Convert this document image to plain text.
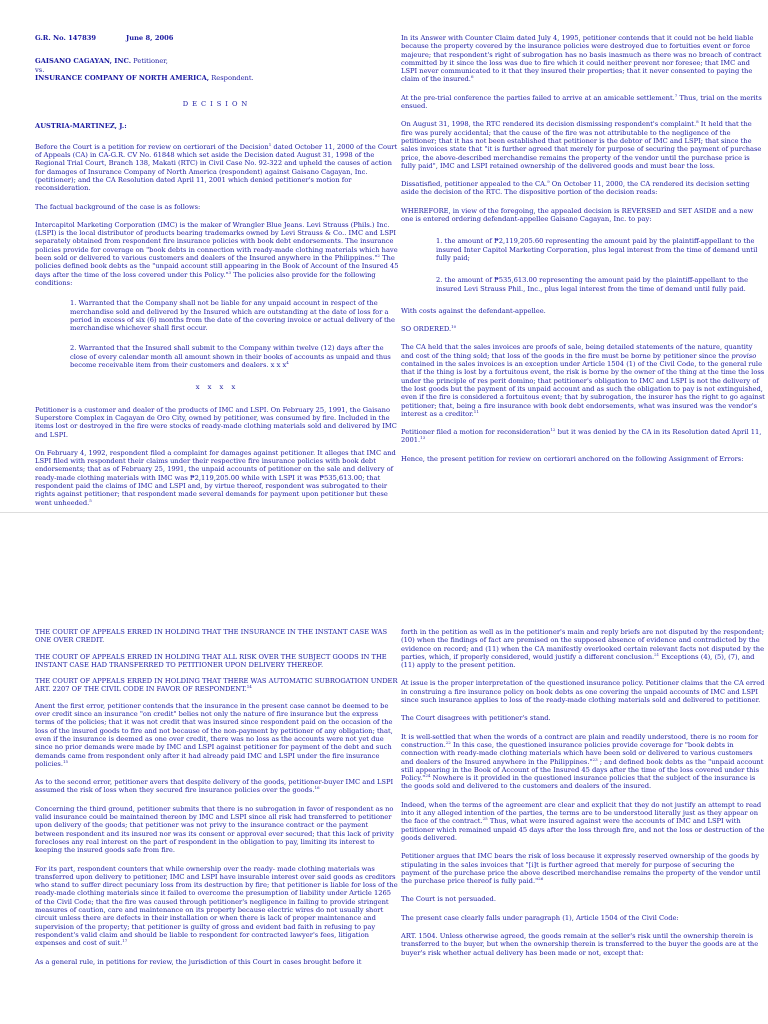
G.R. No. 147839	June 8, 2006

GAISANO CAGAYAN, INC. Petitioner,
vs.
INSURANCE COMPANY OF NORTH AMERICA, Respondent.
DECISION
AUSTRIA-MARTINEZ, J.:

Before the Court is a petition for review on certiorari of the Decision$^1$ dated October 11, 2000 of the Court of Appeals (CA) in CA-G.R. CV No. 61848 which set aside the Decision dated August 31, 1998 of the Regional Trial Court, Branch 138, Makati (RTC) in Civil Case No. 92-322 and upheld the causes of action for damages of Insurance Company of North America (respondent) against Gaisano Cagayan, Inc. (petitioner); and the CA Resolution dated April 11, 2001 which denied petitioner's motion for reconsideration.

The factual background of the case is as follows:

Intercapitol Marketing Corporation (IMC) is the maker of Wrangler Blue Jeans. Levi Strauss (Phils.) Inc. (LSPI) is the local distributor of products bearing trademarks owned by Levi Strauss & Co.. IMC and LSPI separately obtained from respondent fire insurance policies with book debt endorsements. The insurance policies provide for coverage on "book debts in connection with ready-made clothing materials which have been sold or delivered to various customers and dealers of the Insured anywhere in the Philippines."$^2$ The policies defined book debts as the "unpaid account still appearing in the Book of Account of the Insured 45 days after the time of the loss covered under this Policy."$^3$ The policies also provide for the following conditions:

1. Warranted that the Company shall not be liable for any unpaid account in respect of the merchandise sold and delivered by the Insured which are outstanding at the date of loss for a period in excess of six (6) months from the date of the covering invoice or actual delivery of the merchandise whichever shall first occur.

2. Warranted that the Insured shall submit to the Company within twelve (12) days after the close of every calendar month all amount shown in their books of accounts as unpaid and thus become receivable item from their customers and dealers. x x $x^4$

x x x x

Petitioner is a customer and dealer of the products of IMC and LSPI. On February 25, 1991, the Gaisano Superstore Complex in Cagayan de Oro City, owned by petitioner, was consumed by fire. Included in the items lost or destroyed in the fire were stocks of ready-made clothing materials sold and delivered by IMC and LSPI.

On February 4, 1992, respondent filed a complaint for damages against petitioner. It alleges that IMC and LSPI filed with respondent their claims under their respective fire insurance policies with book debt endorsements; that as of February 25, 1991, the unpaid accounts of petitioner on the sale and delivery of ready-made clothing materials with IMC was ₱2,119,205.00 while with LSPI it was ₱535,613.00; that respondent paid the claims of IMC and LSPI and, by virtue thereof, respondent was subrogated to their rights against petitioner; that respondent made several demands for payment upon petitioner but these went unheeded.$^5$

In its Answer with Counter Claim dated July 4, 1995, petitioner contends that it could not be held liable because the property covered by the insurance policies were destroyed due to fortuities event or force majeure; that respondent's right of subrogation has no basis inasmuch as there was no breach of contract committed by it since the loss was due to fire which it could neither prevent nor foresee; that IMC and LSPI never communicated to it that they insured their properties; that it never consented to paying the claim of the insured.$^6$

At the pre-trial conference the parties failed to arrive at an amicable settlement.$^7$ Thus, trial on the merits ensued.

On August 31, 1998, the RTC rendered its decision dismissing respondent's complaint.$^8$ It held that the fire was purely accidental; that the cause of the fire was not attributable to the negligence of the petitioner; that it has not been established that petitioner is the debtor of IMC and LSPI; that since the sales invoices state that "it is further agreed that merely for purpose of securing the payment of purchase price, the above-described merchandise remains the property of the vendor until the purchase price is fully paid", IMC and LSPI retained ownership of the delivered goods and must bear the loss.

Dissatisfied, petitioner appealed to the CA.$^9$ On October 11, 2000, the CA rendered its decision setting aside the decision of the RTC. The dispositive portion of the decision reads:

WHEREFORE, in view of the foregoing, the appealed decision is REVERSED and SET ASIDE and a new one is entered ordering defendant-appellee Gaisano Cagayan, Inc. to pay:

1. the amount of ₱2,119,205.60 representing the amount paid by the plaintiff-appellant to the insured Inter Capitol Marketing Corporation, plus legal interest from the time of demand until fully paid;

2. the amount of ₱535,613.00 representing the amount paid by the plaintiff-appellant to the insured Levi Strauss Phil., Inc., plus legal interest from the time of demand until fully paid.

With costs against the defendant-appellee.

SO ORDERED.$^{10}$

The CA held that the sales invoices are proofs of sale, being detailed statements of the nature, quantity and cost of the thing sold; that loss of the goods in the fire must be borne by petitioner since the proviso contained in the sales invoices is an exception under Article 1504 (1) of the Civil Code, to the general rule that if the thing is lost by a fortuitous event, the risk is borne by the owner of the thing at the time the loss under the principle of res perit domino; that petitioner's obligation to IMC and LSPI is not the delivery of the lost goods but the payment of its unpaid account and as such the obligation to pay is not extinguished, even if the fire is considered a fortuitous event; that by subrogation, the insurer has the right to go against petitioner; that, being a fire insurance with book debt endorsements, what was insured was the vendor's interest as a creditor.$^{11}$

Petitioner filed a motion for reconsideration$^{12}$ but it was denied by the CA in its Resolution dated April 11, 2001.13

Hence, the present petition for review on certiorari anchored on the following Assignment of Errors:

THE COURT OF APPEALS ERRED IN HOLDING THAT THE INSURANCE IN THE INSTANT CASE WAS ONE OVER CREDIT.

THE COURT OF APPEALS ERRED IN HOLDING THAT ALL RISK OVER THE SUBJECT GOODS IN THE INSTANT CASE HAD TRANSFERRED TO PETITIONER UPON DELIVERY THEREOF.

THE COURT OF APPEALS ERRED IN HOLDING THAT THERE WAS AUTOMATIC SUBROGATION UNDER ART. 2207 OF THE CIVIL CODE IN FAVOR OF RESPONDENT.$^{14}$

Anent the first error, petitioner contends that the insurance in the present case cannot be deemed to be over credit since an insurance "on credit" belies not only the nature of fire insurance but the express terms of the policies; that it was not credit that was insured since respondent paid on the occasion of the loss of the insured goods to fire and not because of the non-payment by petitioner of any obligation; that, even if the insurance is deemed as one over credit, there was no loss as the accounts were not yet due since no prior demands were made by IMC and LSPI against petitioner for payment of the debt and such demands came from respondent only after it had already paid IMC and LSPI under the fire insurance policies.$^{15}$

As to the second error, petitioner avers that despite delivery of the goods, petitioner-buyer IMC and LSPI assumed the risk of loss when they secured fire insurance policies over the goods.$^{16}$

Concerning the third ground, petitioner submits that there is no subrogation in favor of respondent as no valid insurance could be maintained thereon by IMC and LSPI since all risk had transferred to petitioner upon delivery of the goods; that petitioner was not privy to the insurance contract or the payment between respondent and its insured nor was its consent or approval ever secured; that this lack of privity forecloses any real interest on the part of respondent in the obligation to pay, limiting its interest to keeping the insured goods safe from fire.

For its part, respondent counters that while ownership over the ready- made clothing materials was transferred upon delivery to petitioner, IMC and LSPI have insurable interest over said goods as creditors who stand to suffer direct pecuniary loss from its destruction by fire; that petitioner is liable for loss of the ready-made clothing materials since it failed to overcome the presumption of liability under Article 1265 of the Civil Code; that the fire was caused through petitioner's negligence in failing to provide stringent measures of caution, care and maintenance on its property because electric wires do not usually short circuit unless there are defects in their installation or when there is lack of proper maintenance and supervision of the property; that petitioner is guilty of gross and evident bad faith in refusing to pay respondent's valid claim and should be liable to respondent for contracted lawyer's fees, litigation expenses and cost of suit.$^{17}$

As a general rule, in petitions for review, the jurisdiction of this Court in cases brought before it

forth in the petition as well as in the petitioner's main and reply briefs are not disputed by the respondent; (10) when the findings of fact are premised on the supposed absence of evidence and contradicted by the evidence on record; and (11) when the CA manifestly overlooked certain relevant facts not disputed by the parties, which, if properly considered, would justify a different conclusion.$^{21}$ Exceptions (4), (5), (7), and (11) apply to the present petition.

At issue is the proper interpretation of the questioned insurance policy. Petitioner claims that the CA erred in construing a fire insurance policy on book debts as one covering the unpaid accounts of IMC and LSPI since such insurance applies to loss of the ready-made clothing materials sold and delivered to petitioner.

The Court disagrees with petitioner's stand.

It is well-settled that when the words of a contract are plain and readily understood, there is no room for construction.$^{22}$ In this case, the questioned insurance policies provide coverage for "book debts in connection with ready-made clothing materials which have been sold or delivered to various customers and dealers of the Insured anywhere in the Philippines."$^{23}$ ; and defined book debts as the "unpaid account still appearing in the Book of Account of the Insured 45 days after the time of the loss covered under this Policy."$^{24}$ Nowhere is it provided in the questioned insurance policies that the subject of the insurance is the goods sold and delivered to the customers and dealers of the insured.

Indeed, when the terms of the agreement are clear and explicit that they do not justify an attempt to read into it any alleged intention of the parties, the terms are to be understood literally just as they appear on the face of the contract.$^{25}$ Thus, what were insured against were the accounts of IMC and LSPI with petitioner which remained unpaid 45 days after the loss through fire, and not the loss or destruction of the goods delivered.

Petitioner argues that IMC bears the risk of loss because it expressly reserved ownership of the goods by stipulating in the sales invoices that "[i]t is further agreed that merely for purpose of securing the payment of the purchase price the above described merchandise remains the property of the vendor until the purchase price thereof is fully paid."$^{26}$

The Court is not persuaded.

The present case clearly falls under paragraph (1), Article 1504 of the Civil Code:

ART. 1504. Unless otherwise agreed, the goods remain at the seller's risk until the ownership therein is transferred to the buyer, but when the ownership therein is transferred to the buyer the goods are at the buyer's risk whether actual delivery has been made or not, except that:
